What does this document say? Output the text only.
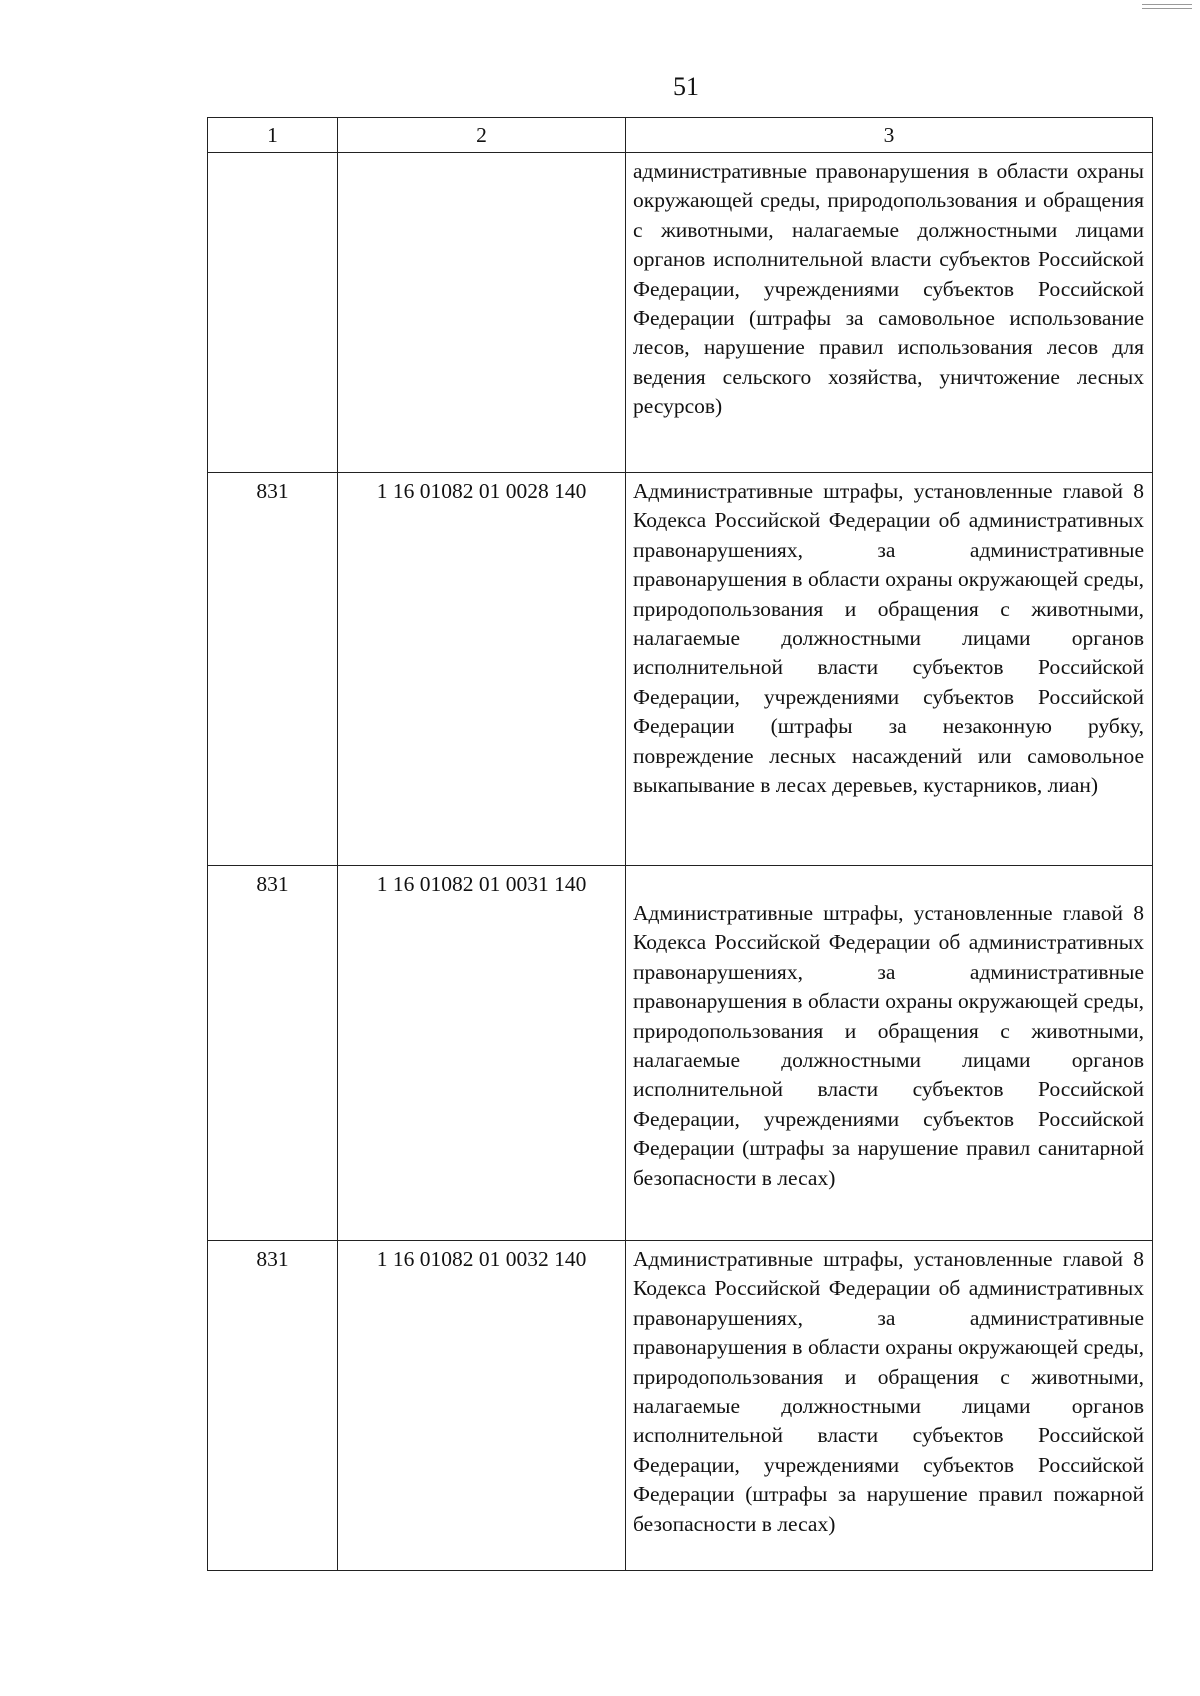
51
1	2	3

		административные правонарушения в области охраны окружающей среды, природопользования и обращения с животными, налагаемые должностными лицами органов исполнительной власти субъектов Российской Федерации, учреждениями субъектов Российской Федерации (штрафы за самовольное использование лесов, нарушение правил использования лесов для ведения сельского хозяйства, уничтожение лесных ресурсов)

831	1 16 01082 01 0028 140	Административные штрафы, установленные главой 8 Кодекса Российской Федерации об административных правонарушениях, за административные правонарушения в области охраны окружающей среды, природопользования и обращения с животными, налагаемые должностными лицами органов исполнительной власти субъектов Российской Федерации, учреждениями субъектов Российской Федерации (штрафы за незаконную рубку, повреждение лесных насаждений или самовольное выкапывание в лесах деревьев, кустарников, лиан)

831	1 16 01082 01 0031 140	Административные штрафы, установленные главой 8 Кодекса Российской Федерации об административных правонарушениях, за административные правонарушения в области охраны окружающей среды, природопользования и обращения с животными, налагаемые должностными лицами органов исполнительной власти субъектов Российской Федерации, учреждениями субъектов Российской Федерации (штрафы за нарушение правил санитарной безопасности в лесах)

831	1 16 01082 01 0032 140	Административные штрафы, установленные главой 8 Кодекса Российской Федерации об административных правонарушениях, за административные правонарушения в области охраны окружающей среды, природопользования и обращения с животными, налагаемые должностными лицами органов исполнительной власти субъектов Российской Федерации, учреждениями субъектов Российской Федерации (штрафы за нарушение правил пожарной безопасности в лесах)
